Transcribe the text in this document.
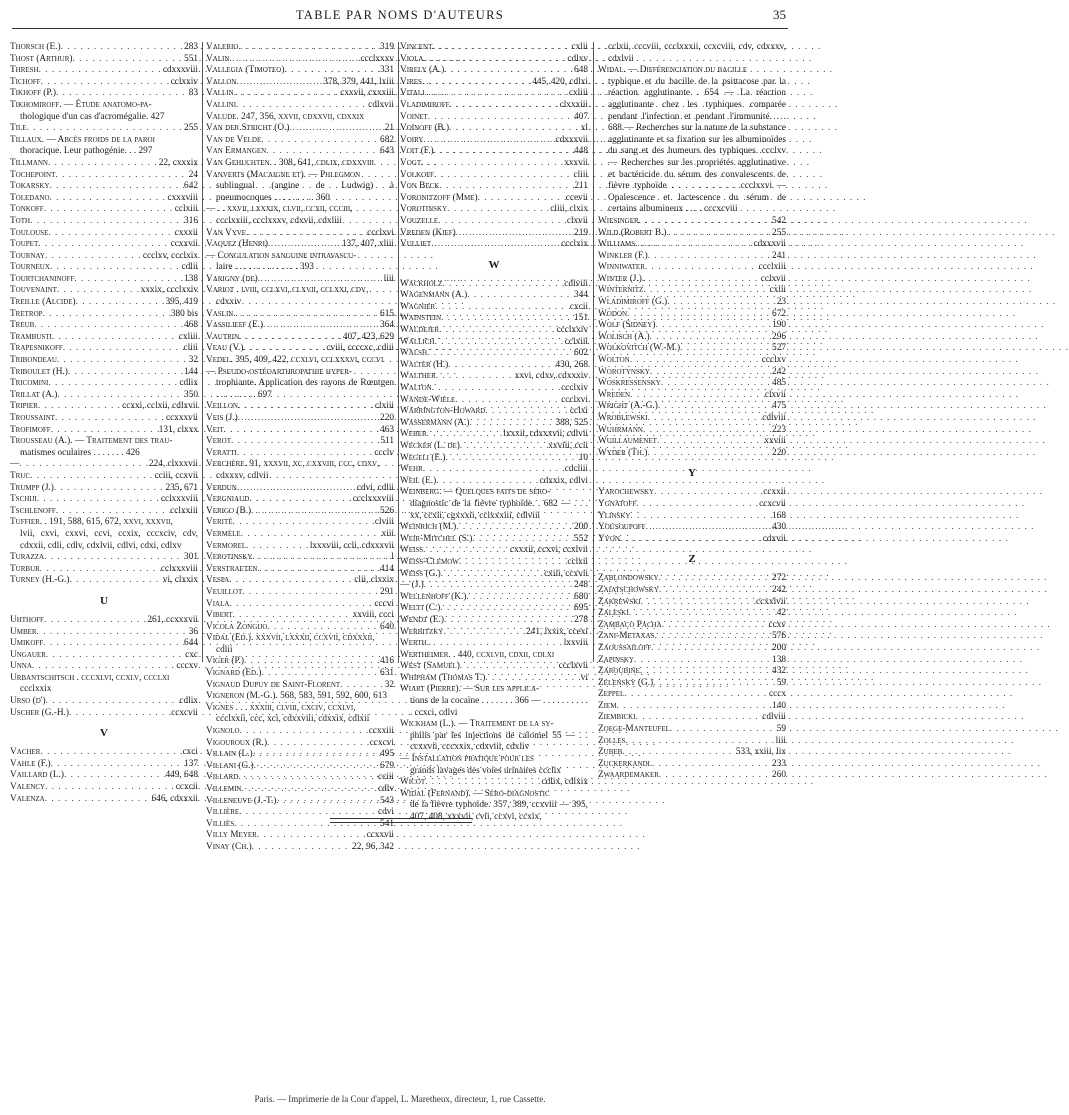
TABLE PAR NOMS D'AUTEURS	35
Thorsch (E.) . . .	283
Thost (Arthur) . . .	551
Thresh . . .	cdxxxviii
Tichoff . . .	cclxxiv
Tikhoff (P.) . . .	83
Tikhomiroff. — Étude anatomo-pa-
thologique d'un cas d'acromégalie. 427
Tile . . .	255
Tillaux. — Abcès froids de la paroi
thoracique. Leur pathogénie. . . 297
Tillmann . . .	22, cxxxix
Tochepoint . . .	24
Tokarsky . . .	642
Toledano . . .	cxxxviii
Tonkoff . . .	cclxiii
Toth . . .	316
Toulouse . . .	cxxxii
Toupet . . .	ccxxvii
Tournay . . .	ccclxv, ccclxix
Tourneux . . .	cdlii
Tourtchaninoff . . .	138
Touvenaint . . .	xxxix, ccclxxiv
Treille (Alcide) . . .	395, 419
Tretrop . . .	380 bis
Treub . . .	468
Trambusti . . .	cxliii
Trapesnikoff . . .	cliii
Tribondeau . . .	32
Triboulet (H.) . . .	144
Tricomini . . .	cdlix
Trillat (A.) . . .	350
Tripier . . .	ccxxi, cclxii, cdlxvii
Troussaint . . .	ccxxxvii
Trofimoff . . .	131, clxxx
Trousseau (A.). — Traitement des trau-
matismes oculaires . . . . . . . 426
— . . .	224, clxxxvii
Truc . . .	cciii, ccxvii
Trumpp (J.) . . .	235, 671
Tschiji . . .	cclxxxviii
Tschlenoff . . .	cclxxiii
Tuffier. . 191, 588, 615, 672, xxvi, xxxvii,
lvii, cxvi, cxxvi, ccvi, ccxix, cccxciv, cdv, cdxxii, cdli, cdlv, cdxlvii, cdlvi, cdxi, cdlxv
Turazza . . .	301
Turbur . . .	cclxxxviii
Turney (H.-G.) . . .	vi, clxxix
U
Uhthoff . . .	261, ccxxxvii
Umber . . .	36
Umikoff . . .	644
Ungauer . . .	cxc
Unna . . .	cccxv
Urbantschitsch . cccxlvi, ccxlv, ccclxi
ccclxxix
Urso (d') . . .	cdlix
Uscher (G.-H.) . . .	ccxcvii
V
Vacher . . .	cxci
Vahle (F.) . . .	137
Vaillard (L.) . . .	449, 648
Valency . . .	ccxcii
Valenza . . .	646, cdxxxii
Valerio . . .	319
Valin . . .	ccclxxxv
Vallegia (Timoteo) . . .	331
Vallon . . .	378, 379, 441, lxiii
Vallin . . .	cxxvii, cxxxiii
Vallini . . .	cdlxvii
Valude. 247, 356, xxvii, cdxxvii, cdxxix
Van der Stricht (O.) . . .	21
Van de Velde . . .	682
Van Ermangen . . .	643
Van Gehuchten. . 308, 641, cdlix, cdxxviii
Vanverts (Macaigne et). — Phlegmon
sublingual (angine de Ludwig) à pneumocoques . . . . . . . . . 360
— . . xxvii, lxxxix, clvii, ccxii, ccciii,
ccclxxiii, ccclxxxv, cdxvii, cdxliii
Van Vyve . . .	ccclxvi
Vaquez (Henri) . . .	137, 407, xliii
— Congulation sanguine intravascu-
laire . . . . . . . . . . . . . . 393
Varigny (de) . . .	liii
Variot . lviii, cclxvi, clxvii, cclxxi, cdv,
cdxxiv
Vaslin . . .	615
Vassilieff (E.) . . .	364
Vautrin . . .	407, 423, 629
Veau (V.) . . .	cviii, ccccxc, cdiii
Vedel. 395, 409, 422, ccxlvi, cclxxxvi, cccvi
— Pseudo-ostéoarthropathie hyper-
trophiante. Application des rayons de Rœntgen . . . . . . . . . 697
Veillon . . .	clxiii
Veis (J.) . . .	220
Veit . . .	463
Verot . . .	511
Veratti . . .	ccclv
Verchère. 91, xxxvii, xc, cxxviii, ccc, cdxv,
cdxxxv, cdlvii
Verdun . . .	cdvi, cdlii
Vergniaud . . .	ccclxxxviii
Verigo (B.) . . .	526
Verité . . .	clviii
Vermèle . . .	xiii
Vermorel . . .	lxxxviii, ccli, cdxxxvii
Verotinsky . . .	l
Verstraeten . . .	414
Vespa . . .	clii, clxxix
Veuillot . . .	291
Viala . . .	cccvi
Vibert . . .	xxviii, ccci
Vicola Zongijo . . .	640
Vidal (Ed.). xxxvii, lxxxii, ccxvii, cdxxxii,
cdlii
Viger (P.) . . .	416
Vignard (Ed.) . . .	631
Vignaud Dupuy de Saint-Florent . . .	32
Vigneron (M.-G.). 568, 583, 591, 592, 600, 613
Vignes . . . xxxiii, clviii, cxciv, ccxlvi,
ccclxxii, ccc, xci, cdxxviii, cdxxix, cdlxii
Vignolo . . .	ccxxiii
Vigouroux (R.) . . .	ccxcvi
Villain (L.) . . .	495
Villani (G.) . . .	679
Villard . . .	cciii
Villemin . . .	cdlv
Villeneuve (J.-T.) . . .	543
Villière . . .	cdvi
Villiès . . .	541
Villy Meyer . . .	ccxxvii
Vinay (Ch.) . . .	22, 96, 342
Vincent . . .	cxlii
Viola . . .	cdlxv
Virely (A.) . . .	648
Vires . . .	445, 420, cdlxi
Vitali . . .	cxliii
Vladimiroff . . .	clxxxiii
Voinet . . .	407
Voïnoff (B.) . . .	xl
Voiry . . .	cdxxxvii
Voit (F.) . . .	448
Vogt . . .	xxxvii
Volkoff . . .	cliii
Von Beck . . .	211
Voronitzoff (Mme) . . .	ccevii
Vorotinsky . . .	cliii, clxix
Vouzelle . . .	clxvii
Vreden (Kief) . . .	219
Vulliet . . .	ccclxix
W
Wackholz . . .	cdlviii
Wagenmann (A.) . . .	344
Wagnier . . .	cxcii
Wainstein . . .	151
Waldejer . . .	ccclxxiv
Wallich . . .	cclxiii
Walsh . . .	602
Walter (H.) . . .	430, 268
Walther . . .	xxvi, cdxv, cdxxxiv
Walton . . .	ccclxiv
Wande-Wiele . . .	ccclxvi
Warrington-Howard . . .	cclxi
Wassermann (A.) . . .	388, 525
Weber . . .	lxxxii, cdxxxvii, cdlvii
Wecker (L. de) . . .	xxviii, ccii
Wegeli (E.) . . .	10
Wehr . . .	cdcliii
Weil (E.) . . .	cdxxix, cdlvi
Weinberg. — Quelques faits de séro-
diagnostic de la fièvre typhoïde. . 682 — . . . xx, ccxii, cgxxxii, cclxxxiii, cdlviii
Weinrich (M.) . . .	200
Weir-Mitchel (S.) . . .	552
Weiss . . .	cxxxii, ccxvi, ccxlvii
Weiss-Clemow . . .	cclxii
Weiss (G.) . . .	cxiii, ccxvii
— (J.) . . .	248
Wellenhoff (K.) . . .	680
Welti (C.) . . .	695
Wendt (E.) . . .	278
Werbitzky . . .	241, lxxix, ccexi
Werth . . .	lxxviii
Wertheimer. . 440, ccxlvii, cdxii, cdlxi
West (Samuel) . . .	ccclxvii
Whipham (Thomas T.) . . .	vi
Wiart (Pierre). — Sur les applica-
tions de la cocaïne . . . . . . . 366 — . . . . . . . . . . . ccxci, cdlvi
Wickham (L.). — Traitement de la sy-
philis par les injections de calomel 55 — . . ccxxvii, cccxxix, cdxviii, cdxliv
— Installation pratique pour les
grands lavages des voies urinaires ccclix
Wicot . . .	cdlix, cdlxix
Widal (Fernand). — Séro-diagnostic
de la fièvre typhoïde. 357, 389, ccxviii — 395, 407, 408, xxxvii, cvii, ccxvi, ccxix,
cclxii, cccviii, ccclxxxii, ccxcviii, cdv, cdxxxv, cdxlvii
Widal. — Différenciation du bacille
typhique et du bacille de la psittacose par la réaction agglutinante . 654 — La réaction agglutinante chez les typhiques comparée pendant l'infection et pendant l'immunité. . . 688 — Recherches sur la nature de la substance agglutinante et sa fixation sur les albuminoïdes du sang et des humeurs des typhiques. ccclxv — Recherches sur les propriétés agglutinative et bactéricide du sérum des convalescents de fièvre typhoïde . . . . . . . . . . ccclxxvi — Opalescence et lactescence du sérum de certains albumineux . . . . cccxcviii
Wiesinger . . .	542
Wild (Robert B.) . . .	255
Williams . . .	cdxxxvii
Winkler (F.) . . .	241
Winniwater . . .	ccclxiii
Winter (J.) . . .	cclxvii
Winternitz . . .	cxlii
Wladimiroff (G.) . . .	23
Wodon . . .	672
Wolf (Sidney) . . .	190
Wolisch (A.) . . .	296
Wolkovitch (W.-M.) . . .	527
Wolton . . .	ccclxv
Worotynsky . . .	242
Woskressensky . . .	485
Wreden . . .	clxvii
Wright (A.-G.) . . .	475
Wroblewski . . .	cdlviii
Wuhrmann . . .	223
Wuillaumenet . . .	xxviii
Wyder (Th.) . . .	220
Y
Yarochewsky . . .	ccxxii
Ygnatoff . . .	ccxcvii
Ylinsky . . .	168
Yousoupoff . . .	430
Yvon . . .	cdxvii
Z
Zablondowsky . . .	272
Zaiatschowsky . . .	242
Zakrewski . . .	ccxxlvii
Zaleski . . .	42
Zambaco Pacha . . .	ccxv
Zani-Metaxas . . .	576
Zaoussailoff . . .	200
Zapinsky . . .	138
Zaroubine . . .	432
Zelensky (G.) . . .	59
Zeppel . . .	cccx
Ziem . . .	140
Ziembicki . . .	cdlviii
Zoege-Manteufel . . .	59
Zolles . . .	liii
Zubeb . . .	533, xxiii, lix
Zuckerkandl . . .	233
Zwaardemaker . . .	260
Paris. — Imprimerie de la Cour d'appel, L. Maretheux, directeur, 1, rue Cassette.
